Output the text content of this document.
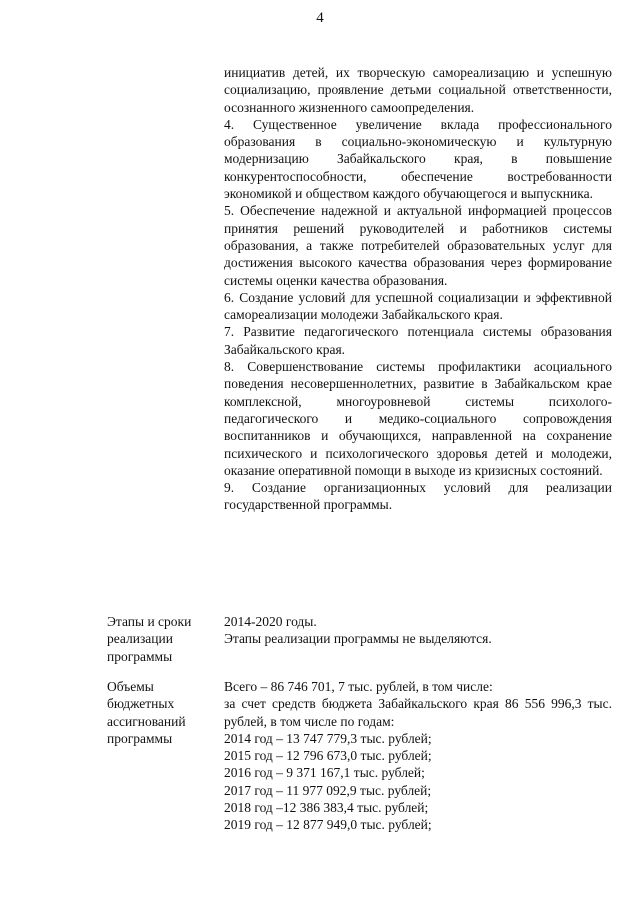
4

инициатив детей, их творческую самореализацию и успешную социализацию, проявление детьми социальной ответственности, осознанного жизненного самоопределения.

4. Существенное увеличение вклада профессионального образования в социально-экономическую и культурную модернизацию Забайкальского края, в повышение конкурентоспособности, обеспечение востребованности экономикой и обществом каждого обучающегося и выпускника.

5. Обеспечение надежной и актуальной информацией процессов принятия решений руководителей и работников системы образования, а также потребителей образовательных услуг для достижения высокого качества образования через формирование системы оценки качества образования.

6. Создание условий для успешной социализации и эффективной самореализации молодежи Забайкальского края.

7. Развитие педагогического потенциала системы образования Забайкальского края.

8. Совершенствование системы профилактики асоциального поведения несовершеннолетних, развитие в Забайкальском крае комплексной, многоуровневой системы психолого-педагогического и медико-социального сопровождения воспитанников и обучающихся, направленной на сохранение психического и психологического здоровья детей и молодежи, оказание оперативной помощи в выходе из кризисных состояний.

9. Создание организационных условий для реализации государственной программы.

Этапы и сроки реализации программы

2014-2020 годы.

Этапы реализации программы не выделяются.

Объемы бюджетных ассигнований программы

Всего – 86 746 701, 7 тыс. рублей, в том числе:

за счет средств бюджета Забайкальского края 86 556 996,3 тыс. рублей, в том числе по годам:

2014 год – 13 747 779,3 тыс. рублей;

2015 год – 12 796 673,0 тыс. рублей;

2016 год – 9 371 167,1 тыс. рублей;

2017 год – 11 977 092,9 тыс. рублей;

2018 год –12 386 383,4 тыс. рублей;

2019 год – 12 877 949,0 тыс. рублей;
